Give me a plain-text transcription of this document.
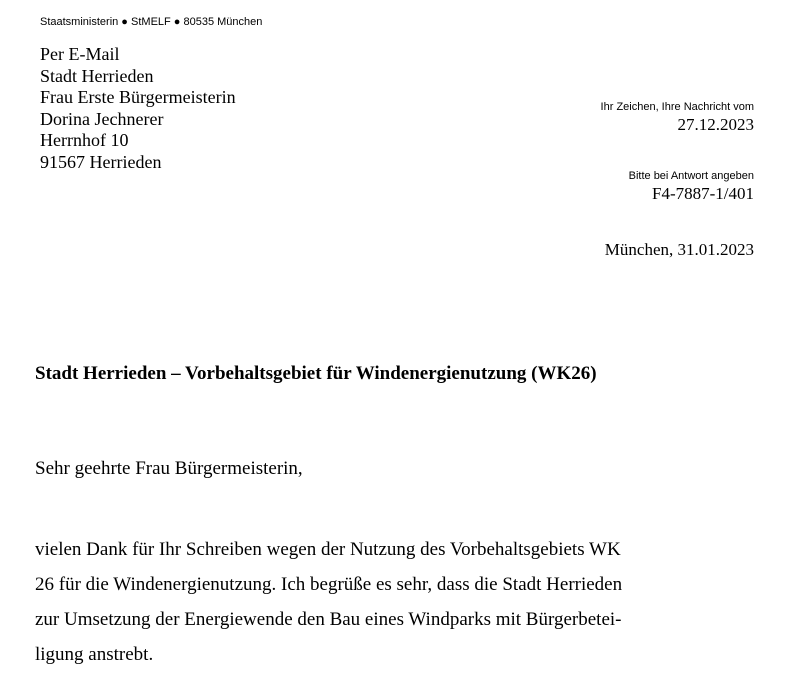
Staatsministerin ● StMELF ● 80535 München
Per E-Mail
Stadt Herrieden
Frau Erste Bürgermeisterin
Dorina Jechnerer
Herrnhof 10
91567 Herrieden
Ihr Zeichen, Ihre Nachricht vom
27.12.2023
Bitte bei Antwort angeben
F4-7887-1/401
München, 31.01.2023
Stadt Herrieden – Vorbehaltsgebiet für Windenergienutzung (WK26)
Sehr geehrte Frau Bürgermeisterin,
vielen Dank für Ihr Schreiben wegen der Nutzung des Vorbehaltsgebiets WK
26 für die Windenergienutzung. Ich begrüße es sehr, dass die Stadt Herrieden
zur Umsetzung der Energiewende den Bau eines Windparks mit Bürgerbetei-
ligung anstrebt.
